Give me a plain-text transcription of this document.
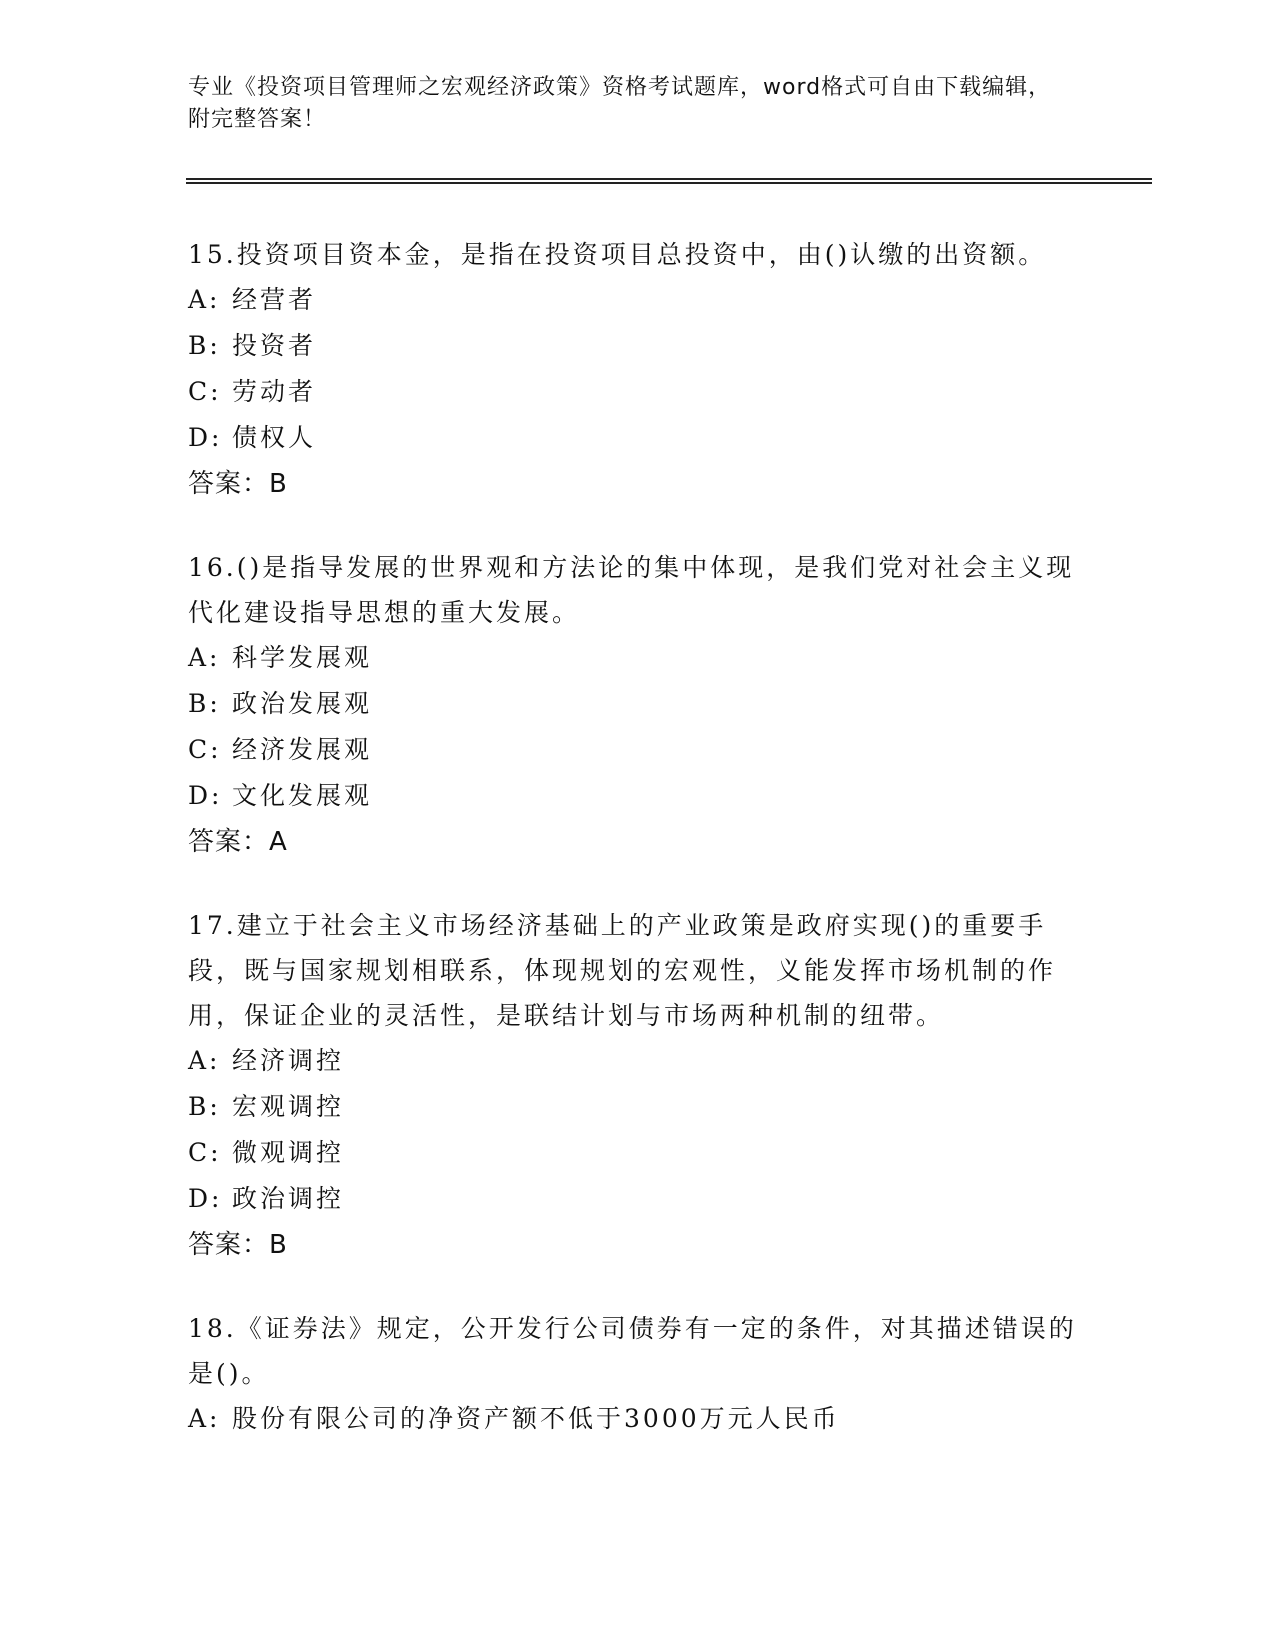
专业《投资项目管理师之宏观经济政策》资格考试题库，word格式可自由下载编辑，附完整答案！

15.投资项目资本金，是指在投资项目总投资中，由()认缴的出资额。

A: 经营者

B: 投资者

C: 劳动者

D: 债权人

答案：B

16.()是指导发展的世界观和方法论的集中体现，是我们党对社会主义现代化建设指导思想的重大发展。

A: 科学发展观

B: 政治发展观

C: 经济发展观

D: 文化发展观

答案：A

17.建立于社会主义市场经济基础上的产业政策是政府实现()的重要手段，既与国家规划相联系，体现规划的宏观性，义能发挥市场机制的作用，保证企业的灵活性，是联结计划与市场两种机制的纽带。

A: 经济调控

B: 宏观调控

C: 微观调控

D: 政治调控

答案：B

18.《证券法》规定，公开发行公司债券有一定的条件，对其描述错误的是()。

A: 股份有限公司的净资产额不低于3000万元人民币
